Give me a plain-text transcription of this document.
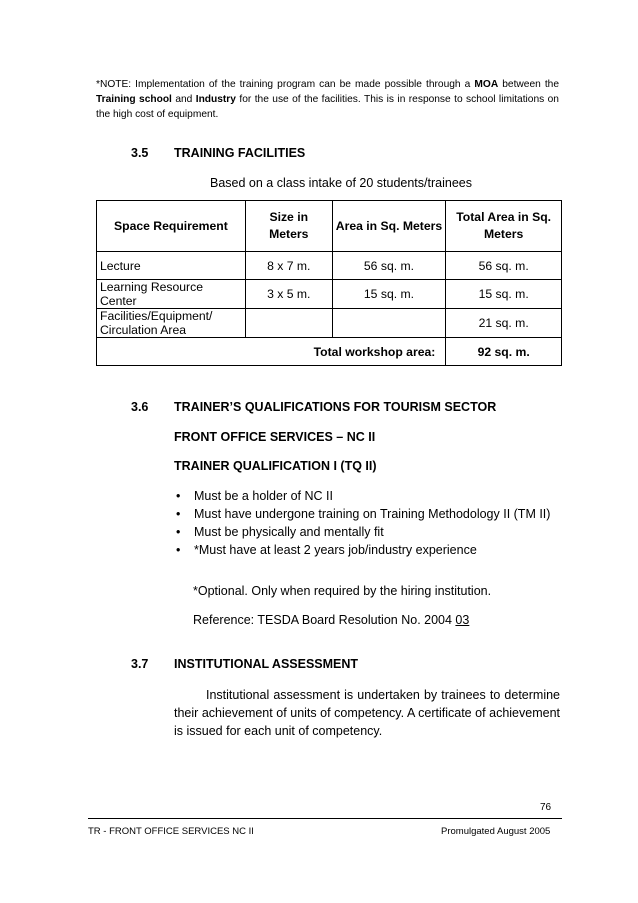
*NOTE: Implementation of the training program can be made possible through a MOA between the Training school and Industry for the use of the facilities. This is in response to school limitations on the high cost of equipment.
3.5 TRAINING FACILITIES
Based on a class intake of 20 students/trainees
Space Requirement	Size in Meters	Area in Sq. Meters	Total Area in Sq. Meters
Lecture	8 x 7 m.	56 sq. m.	56 sq. m.
Learning Resource Center	3 x 5 m.	15 sq. m.	15 sq. m.
Facilities/Equipment/ Circulation Area			21 sq. m.
Total workshop area:			92 sq. m.
3.6 TRAINER’S QUALIFICATIONS FOR TOURISM SECTOR
FRONT OFFICE SERVICES – NC II
TRAINER QUALIFICATION I (TQ II)
• Must be a holder of NC II
• Must have undergone training on Training Methodology II (TM II)
• Must be physically and mentally fit
• *Must have at least 2 years job/industry experience
*Optional. Only when required by the hiring institution.
Reference: TESDA Board Resolution No. 2004 03
3.7 INSTITUTIONAL ASSESSMENT
Institutional assessment is undertaken by trainees to determine their achievement of units of competency. A certificate of achievement is issued for each unit of competency.
76
TR - FRONT OFFICE SERVICES NC II	Promulgated August 2005
